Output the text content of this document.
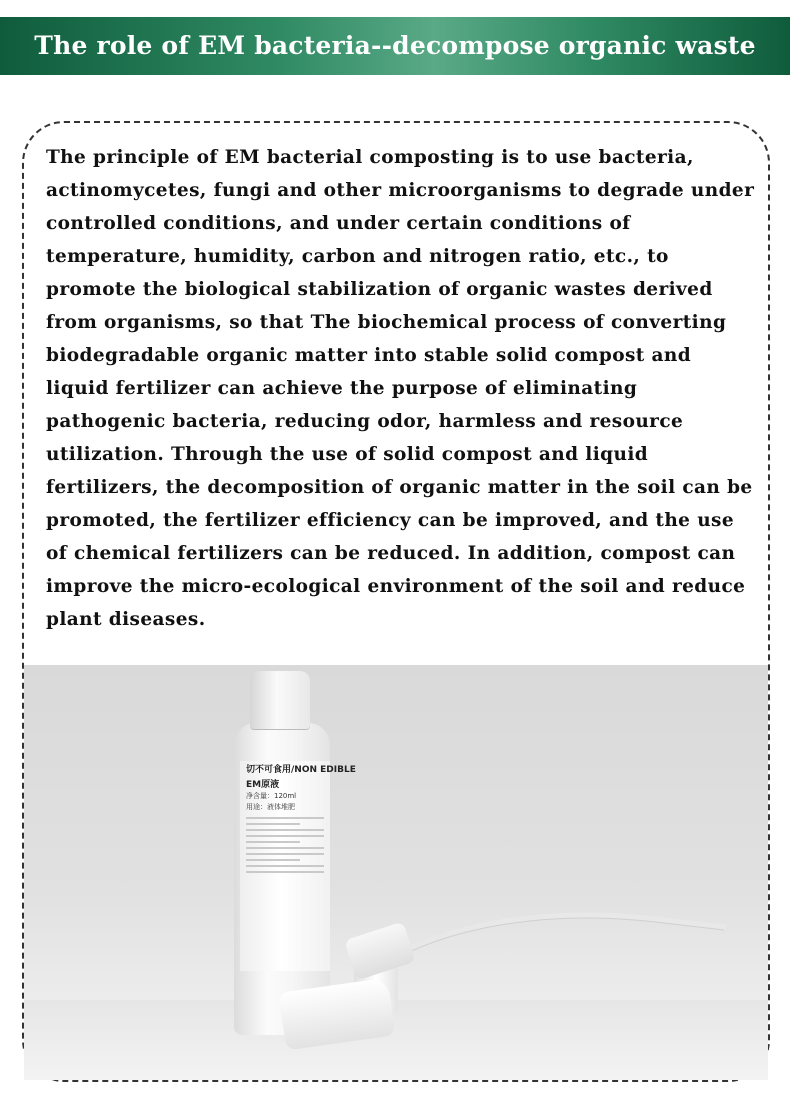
The role of EM bacteria--decompose organic waste
The principle of EM bacterial composting is to use bacteria, actinomycetes, fungi and other microorganisms to degrade under controlled conditions, and under certain conditions of temperature, humidity, carbon and nitrogen ratio, etc., to promote the biological stabilization of organic wastes derived from organisms, so that The biochemical process of converting biodegradable organic matter into stable solid compost and liquid fertilizer can achieve the purpose of eliminating pathogenic bacteria, reducing odor, harmless and resource utilization. Through the use of solid compost and liquid fertilizers, the decomposition of organic matter in the soil can be promoted, the fertilizer efficiency can be improved, and the use of chemical fertilizers can be reduced. In addition, compost can improve the micro-ecological environment of the soil and reduce plant diseases.
切不可食用/NON EDIBLE
EM原液
净含量：120ml
用途：液体堆肥
